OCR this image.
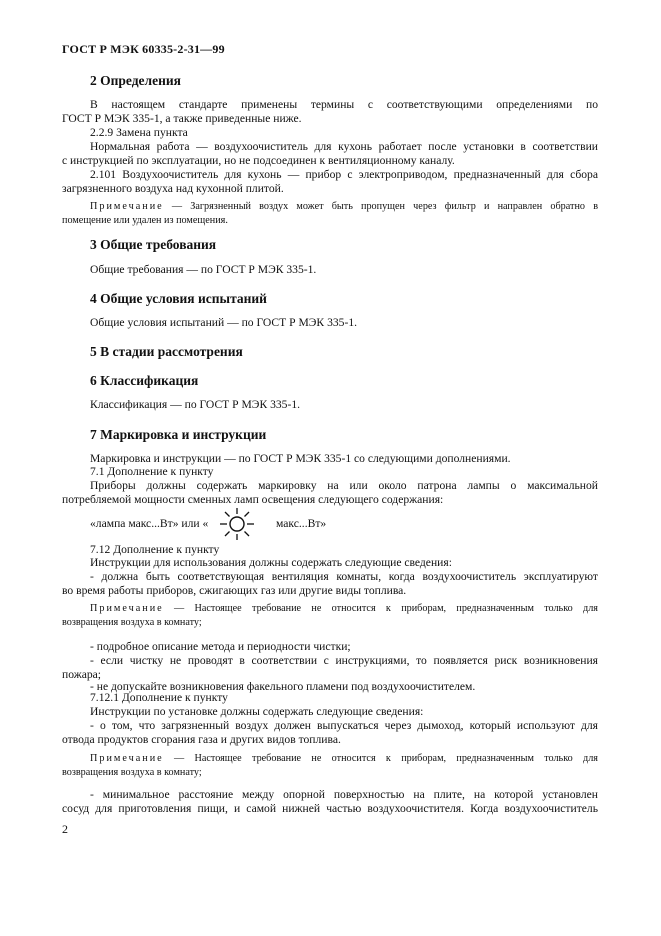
ГОСТ Р МЭК 60335-2-31—99

2 Определения

В настоящем стандарте применены термины с соответствующими определениями по

ГОСТ Р МЭК 335-1, а также приведенные ниже.

2.2.9 Замена пункта

Нормальная работа — воздухоочиститель для кухонь работает после установки в соответствии

с инструкцией по эксплуатации, но не подсоединен к вентиляционному каналу.

2.101 Воздухоочиститель для кухонь — прибор с электроприводом, предназначенный для сбора

загрязненного воздуха над кухонной плитой.

Примечание — Загрязненный воздух может быть пропущен через фильтр и направлен обратно в

помещение или удален из помещения.

3 Общие требования

Общие требования — по ГОСТ Р МЭК 335-1.

4 Общие условия испытаний

Общие условия испытаний — по ГОСТ Р МЭК 335-1.

5 В стадии рассмотрения

6 Классификация

Классификация — по ГОСТ Р МЭК 335-1.

7 Маркировка и инструкции

Маркировка и инструкции — по ГОСТ Р МЭК 335-1 со следующими дополнениями.

7.1 Дополнение к пункту

Приборы должны содержать маркировку на или около патрона лампы о максимальной

потребляемой мощности сменных ламп освещения следующего содержания:

«лампа макс...Вт» или «	макс...Вт»

7.12 Дополнение к пункту

Инструкции для использования должны содержать следующие сведения:

- должна быть соответствующая вентиляция комнаты, когда воздухоочиститель эксплуатируют

во время работы приборов, сжигающих газ или другие виды топлива.

Примечание — Настоящее требование не относится к приборам, предназначенным только для

возвращения воздуха в комнату;

- подробное описание метода и периодности чистки;

- если чистку не проводят в соответствии с инструкциями, то появляется риск возникновения

пожара;

- не допускайте возникновения факельного пламени под воздухоочистителем.

7.12.1 Дополнение к пункту

Инструкции по установке должны содержать следующие сведения:

- о том, что загрязненный воздух должен выпускаться через дымоход, который используют для

отвода продуктов сгорания газа и других видов топлива.

Примечание — Настоящее требование не относится к приборам, предназначенным только для

возвращения воздуха в комнату;

- минимальное расстояние между опорной поверхностью на плите, на которой установлен

сосуд для приготовления пищи, и самой нижней частью воздухоочистителя. Когда воздухоочиститель

2
